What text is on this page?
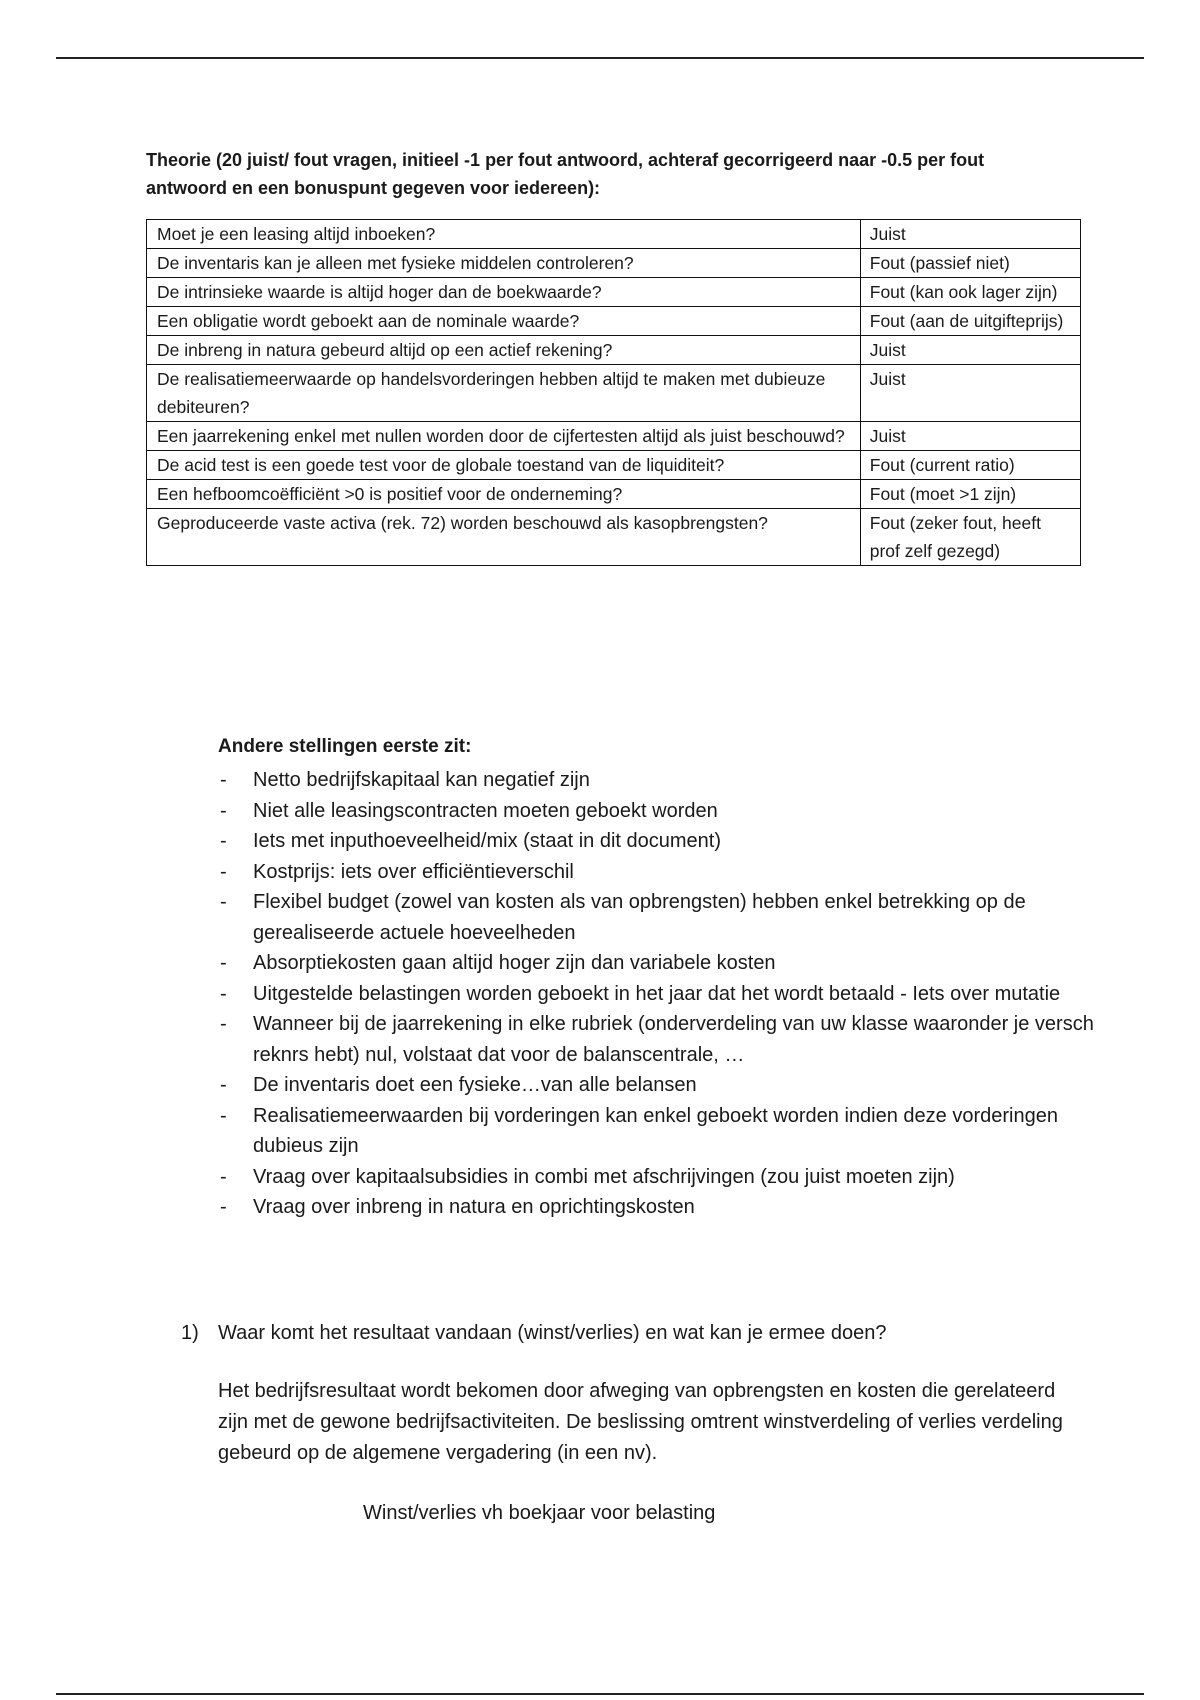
Theorie (20 juist/ fout vragen, initieel -1 per fout antwoord, achteraf gecorrigeerd naar -0.5 per fout antwoord en een bonuspunt gegeven voor iedereen):
Moet je een leasing altijd inboeken?	Juist
De inventaris kan je alleen met fysieke middelen controleren?	Fout (passief niet)
De intrinsieke waarde is altijd hoger dan de boekwaarde?	Fout (kan ook lager zijn)
Een obligatie wordt geboekt aan de nominale waarde?	Fout (aan de uitgifteprijs)
De inbreng in natura gebeurd altijd op een actief rekening?	Juist
De realisatiemeerwaarde op handelsvorderingen hebben altijd te maken met dubieuze debiteuren?	Juist
Een jaarrekening enkel met nullen worden door de cijfertesten altijd als juist beschouwd?	Juist
De acid test is een goede test voor de globale toestand van de liquiditeit?	Fout (current ratio)
Een hefboomcoëfficiënt >0 is positief voor de onderneming?	Fout (moet >1 zijn)
Geproduceerde vaste activa (rek. 72) worden beschouwd als kasopbrengsten?	Fout (zeker fout, heeft prof zelf gezegd)
Andere stellingen eerste zit:
- Netto bedrijfskapitaal kan negatief zijn
- Niet alle leasingscontracten moeten geboekt worden
- Iets met inputhoeveelheid/mix (staat in dit document)
- Kostprijs: iets over efficiëntieverschil
- Flexibel budget (zowel van kosten als van opbrengsten) hebben enkel betrekking op de gerealiseerde actuele hoeveelheden
- Absorptiekosten gaan altijd hoger zijn dan variabele kosten
- Uitgestelde belastingen worden geboekt in het jaar dat het wordt betaald - Iets over mutatie
- Wanneer bij de jaarrekening in elke rubriek (onderverdeling van uw klasse waaronder je versch reknrs hebt) nul, volstaat dat voor de balanscentrale, …
- De inventaris doet een fysieke…van alle belansen
- Realisatiemeerwaarden bij vorderingen kan enkel geboekt worden indien deze vorderingen dubieus zijn
- Vraag over kapitaalsubsidies in combi met afschrijvingen (zou juist moeten zijn)
- Vraag over inbreng in natura en oprichtingskosten
1) Waar komt het resultaat vandaan (winst/verlies) en wat kan je ermee doen?
Het bedrijfsresultaat wordt bekomen door afweging van opbrengsten en kosten die gerelateerd zijn met de gewone bedrijfsactiviteiten. De beslissing omtrent winstverdeling of verlies verdeling gebeurd op de algemene vergadering (in een nv).
Winst/verlies vh boekjaar voor belasting
